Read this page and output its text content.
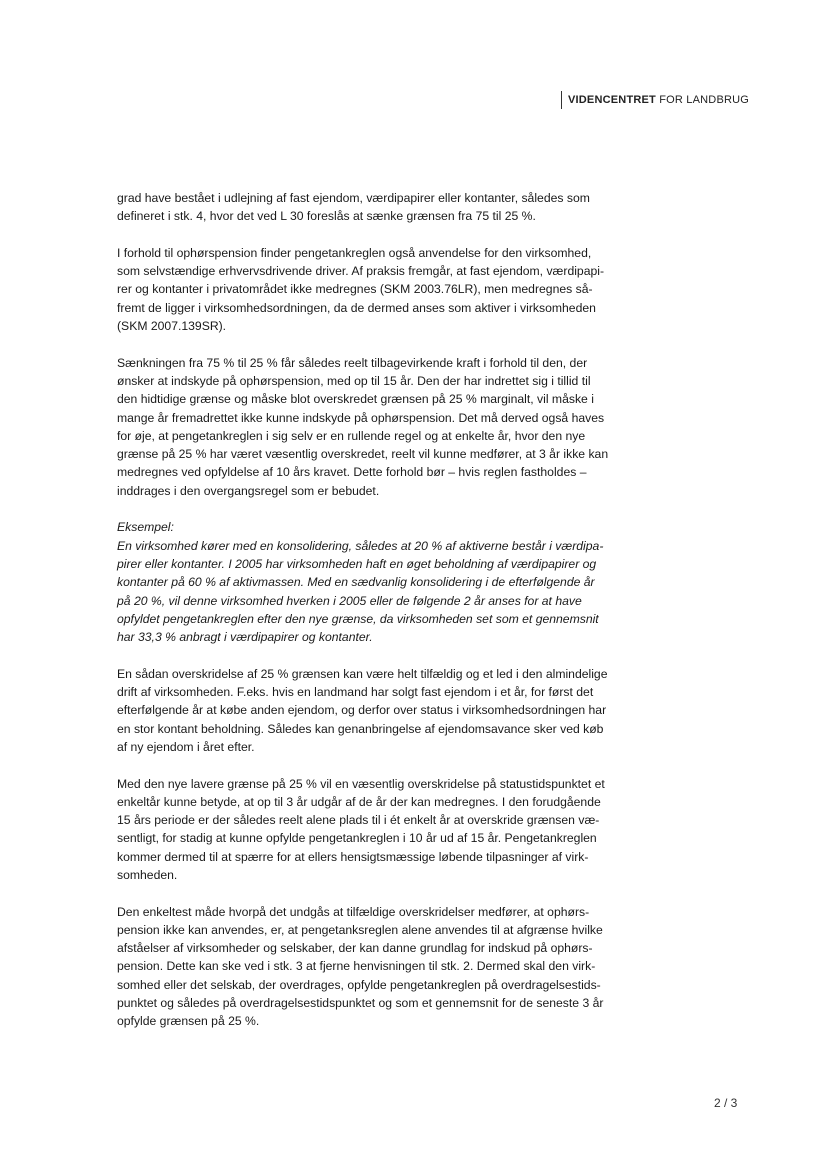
VIDENCENTRET FOR LANDBRUG
grad have bestået i udlejning af fast ejendom, værdipapirer eller kontanter, således som
defineret i stk. 4, hvor det ved L 30 foreslås at sænke grænsen fra 75 til 25 %.
I forhold til ophørspension finder pengetankreglen også anvendelse for den virksomhed,
som selvstændige erhvervsdrivende driver. Af praksis fremgår, at fast ejendom, værdipapi-
rer og kontanter i privatområdet ikke medregnes (SKM 2003.76LR), men medregnes så-
fremt de ligger i virksomhedsordningen, da de dermed anses som aktiver i virksomheden
(SKM 2007.139SR).
Sænkningen fra 75 % til 25 % får således reelt tilbagevirkende kraft i forhold til den, der
ønsker at indskyde på ophørspension, med op til 15 år. Den der har indrettet sig i tillid til
den hidtidige grænse og måske blot overskredet grænsen på 25 % marginalt, vil måske i
mange år fremadrettet ikke kunne indskyde på ophørspension. Det må derved også haves
for øje, at pengetankreglen i sig selv er en rullende regel og at enkelte år, hvor den nye
grænse på 25 % har været væsentlig overskredet, reelt vil kunne medfører, at 3 år ikke kan
medregnes ved opfyldelse af 10 års kravet. Dette forhold bør – hvis reglen fastholdes –
inddrages i den overgangsregel som er bebudet.
Eksempel:
En virksomhed kører med en konsolidering, således at 20 % af aktiverne består i værdipa-
pirer eller kontanter. I 2005 har virksomheden haft en øget beholdning af værdipapirer og
kontanter på 60 % af aktivmassen. Med en sædvanlig konsolidering i de efterfølgende år
på 20 %, vil denne virksomhed hverken i 2005 eller de følgende 2 år anses for at have
opfyldet pengetankreglen efter den nye grænse, da virksomheden set som et gennemsnit
har 33,3 % anbragt i værdipapirer og kontanter.
En sådan overskridelse af 25 % grænsen kan være helt tilfældig og et led i den almindelige
drift af virksomheden. F.eks. hvis en landmand har solgt fast ejendom i et år, for først det
efterfølgende år at købe anden ejendom, og derfor over status i virksomhedsordningen har
en stor kontant beholdning. Således kan genanbringelse af ejendomsavance sker ved køb
af ny ejendom i året efter.
Med den nye lavere grænse på 25 % vil en væsentlig overskridelse på statustidspunktet et
enkeltår kunne betyde, at op til 3 år udgår af de år der kan medregnes. I den forudgående
15 års periode er der således reelt alene plads til i ét enkelt år at overskride grænsen væ-
sentligt, for stadig at kunne opfylde pengetankreglen i 10 år ud af 15 år. Pengetankreglen
kommer dermed til at spærre for at ellers hensigtsmæssige løbende tilpasninger af virk-
somheden.
Den enkeltest måde hvorpå det undgås at tilfældige overskridelser medfører, at ophørs-
pension ikke kan anvendes, er, at pengetanksreglen alene anvendes til at afgrænse hvilke
afståelser af virksomheder og selskaber, der kan danne grundlag for indskud på ophørs-
pension. Dette kan ske ved i stk. 3 at fjerne henvisningen til stk. 2. Dermed skal den virk-
somhed eller det selskab, der overdrages, opfylde pengetankreglen på overdragelsestids-
punktet og således på overdragelsestidspunktet og som et gennemsnit for de seneste 3 år
opfylde grænsen på 25 %.
2 / 3
